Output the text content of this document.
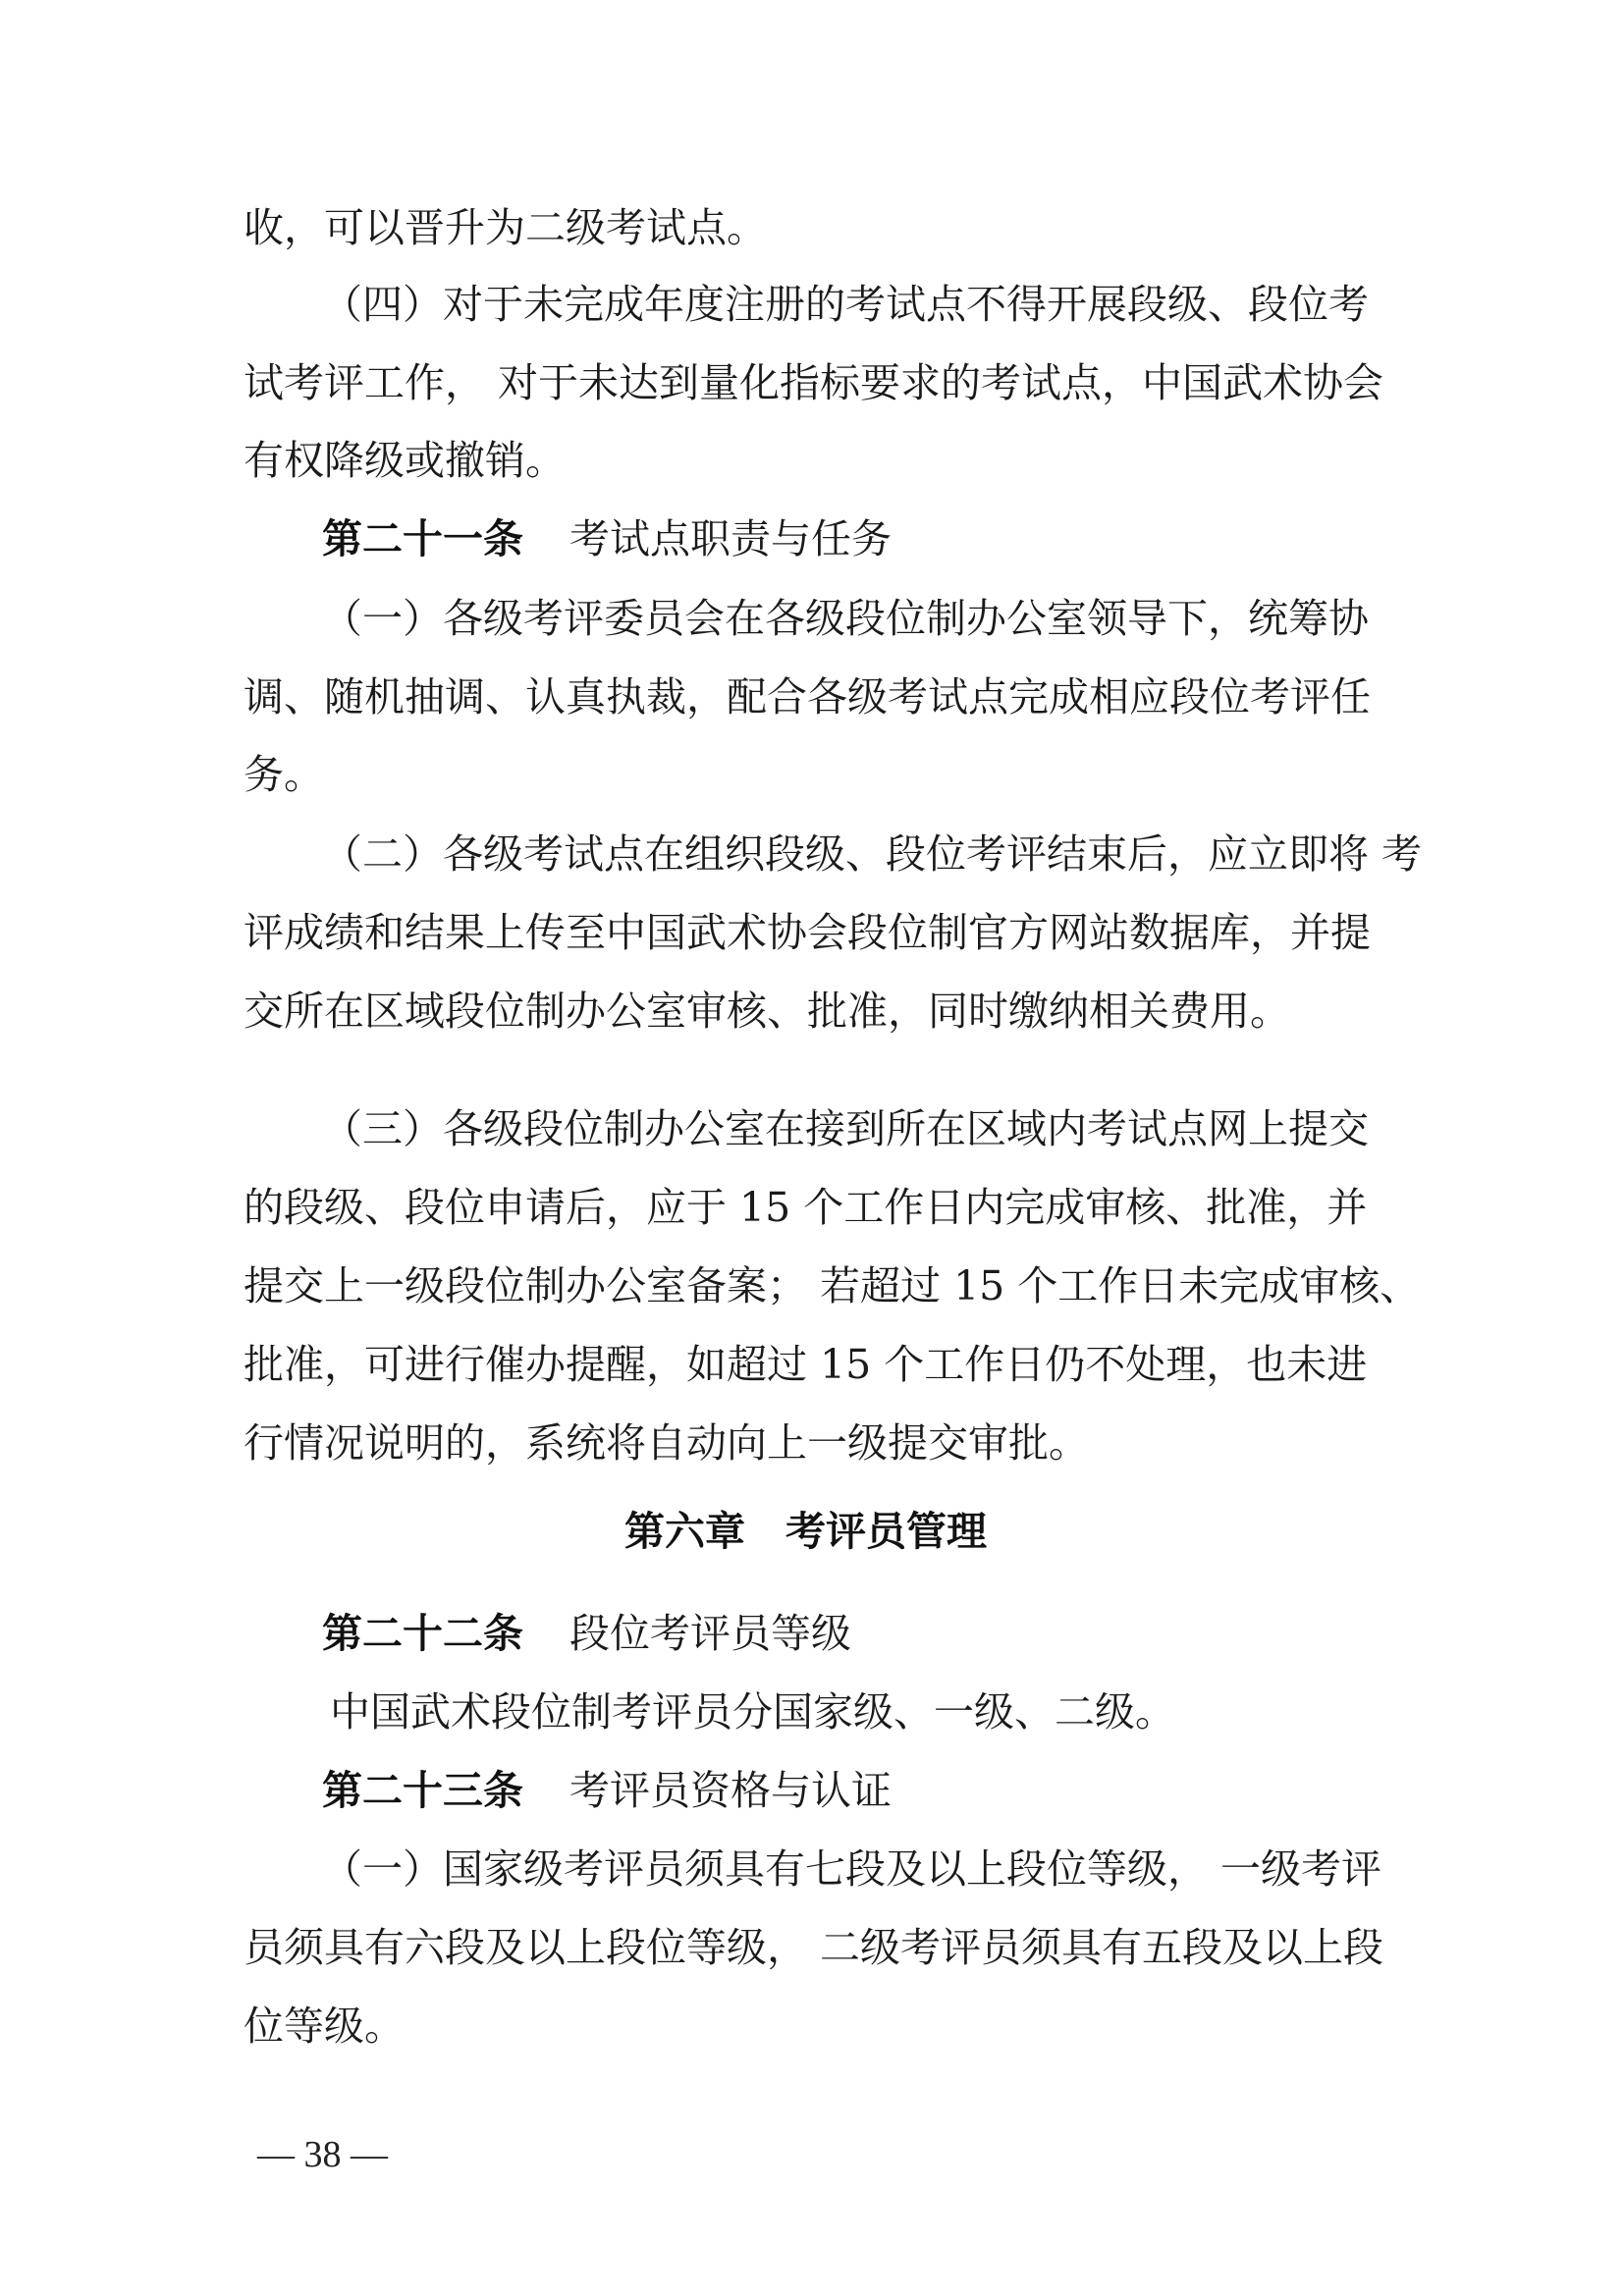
收，可以晋升为二级考试点。
（四）对于未完成年度注册的考试点不得开展段级、段位考
试考评工作， 对于未达到量化指标要求的考试点，中国武术协会
有权降级或撤销。
第二十一条 考试点职责与任务
（一）各级考评委员会在各级段位制办公室领导下，统筹协
调、随机抽调、认真执裁，配合各级考试点完成相应段位考评任
务。
（二）各级考试点在组织段级、段位考评结束后，应立即将 考
评成绩和结果上传至中国武术协会段位制官方网站数据库，并提
交所在区域段位制办公室审核、批准，同时缴纳相关费用。
（三）各级段位制办公室在接到所在区域内考试点网上提交
的段级、段位申请后，应于 15 个工作日内完成审核、批准，并
提交上一级段位制办公室备案； 若超过 15 个工作日未完成审核、
批准，可进行催办提醒，如超过 15 个工作日仍不处理，也未进
行情况说明的，系统将自动向上一级提交审批。
第六章　考评员管理
第二十二条 段位考评员等级
中国武术段位制考评员分国家级、一级、二级。
第二十三条 考评员资格与认证
（一）国家级考评员须具有七段及以上段位等级， 一级考评
员须具有六段及以上段位等级， 二级考评员须具有五段及以上段
位等级。
— 38 —
